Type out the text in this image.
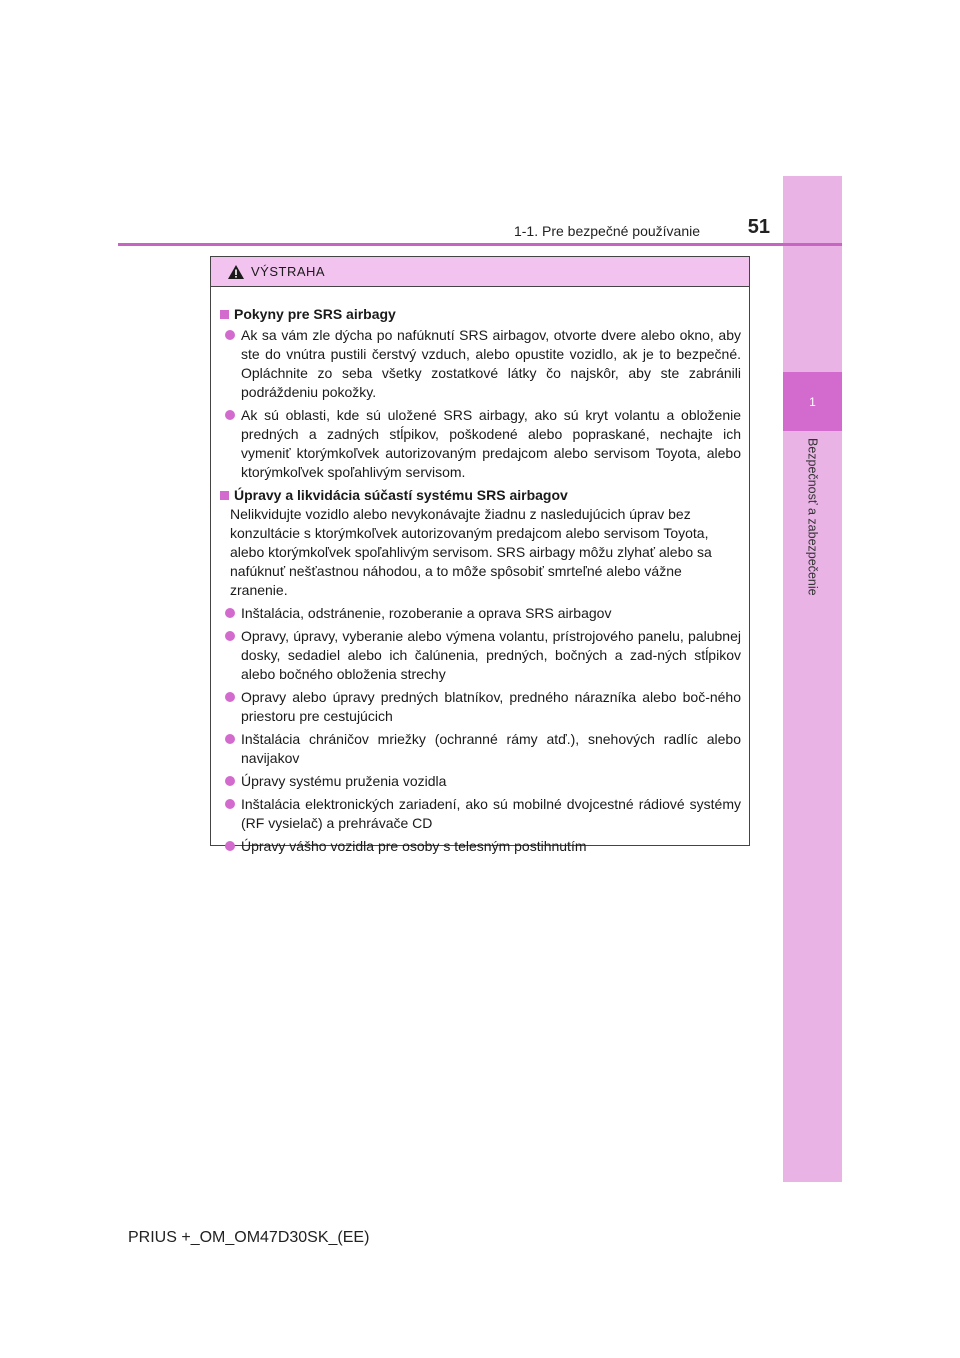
1
Bezpečnosť a zabezpečenie
1-1. Pre bezpečné používanie	51
VÝSTRAHA
Pokyny pre SRS airbagy
Ak sa vám zle dýcha po nafúknutí SRS airbagov, otvorte dvere alebo okno, aby ste do vnútra pustili čerstvý vzduch, alebo opustite vozidlo, ak je to bezpečné. Opláchnite zo seba všetky zostatkové látky čo najskôr, aby ste zabránili podráždeniu pokožky.
Ak sú oblasti, kde sú uložené SRS airbagy, ako sú kryt volantu a obloženie predných a zadných stĺpikov, poškodené alebo popraskané, nechajte ich vymeniť ktorýmkoľvek autorizovaným predajcom alebo servisom Toyota, alebo ktorýmkoľvek spoľahlivým servisom.
Úpravy a likvidácia súčastí systému SRS airbagov
Nelikvidujte vozidlo alebo nevykonávajte žiadnu z nasledujúcich úprav bez konzultácie s ktorýmkoľvek autorizovaným predajcom alebo servisom Toyota, alebo ktorýmkoľvek spoľahlivým servisom. SRS airbagy môžu zlyhať alebo sa nafúknuť nešťastnou náhodou, a to môže spôsobiť smrteľné alebo vážne zranenie.
Inštalácia, odstránenie, rozoberanie a oprava SRS airbagov
Opravy, úpravy, vyberanie alebo výmena volantu, prístrojového panelu, palubnej dosky, sedadiel alebo ich čalúnenia, predných, bočných a zad-ných stĺpikov alebo bočného obloženia strechy
Opravy alebo úpravy predných blatníkov, predného nárazníka alebo boč-ného priestoru pre cestujúcich
Inštalácia chráničov mriežky (ochranné rámy atď.), snehových radlíc alebo navijakov
Úpravy systému pruženia vozidla
Inštalácia elektronických zariadení, ako sú mobilné dvojcestné rádiové systémy (RF vysielač) a prehrávače CD
Úpravy vášho vozidla pre osoby s telesným postihnutím
PRIUS +_OM_OM47D30SK_(EE)
